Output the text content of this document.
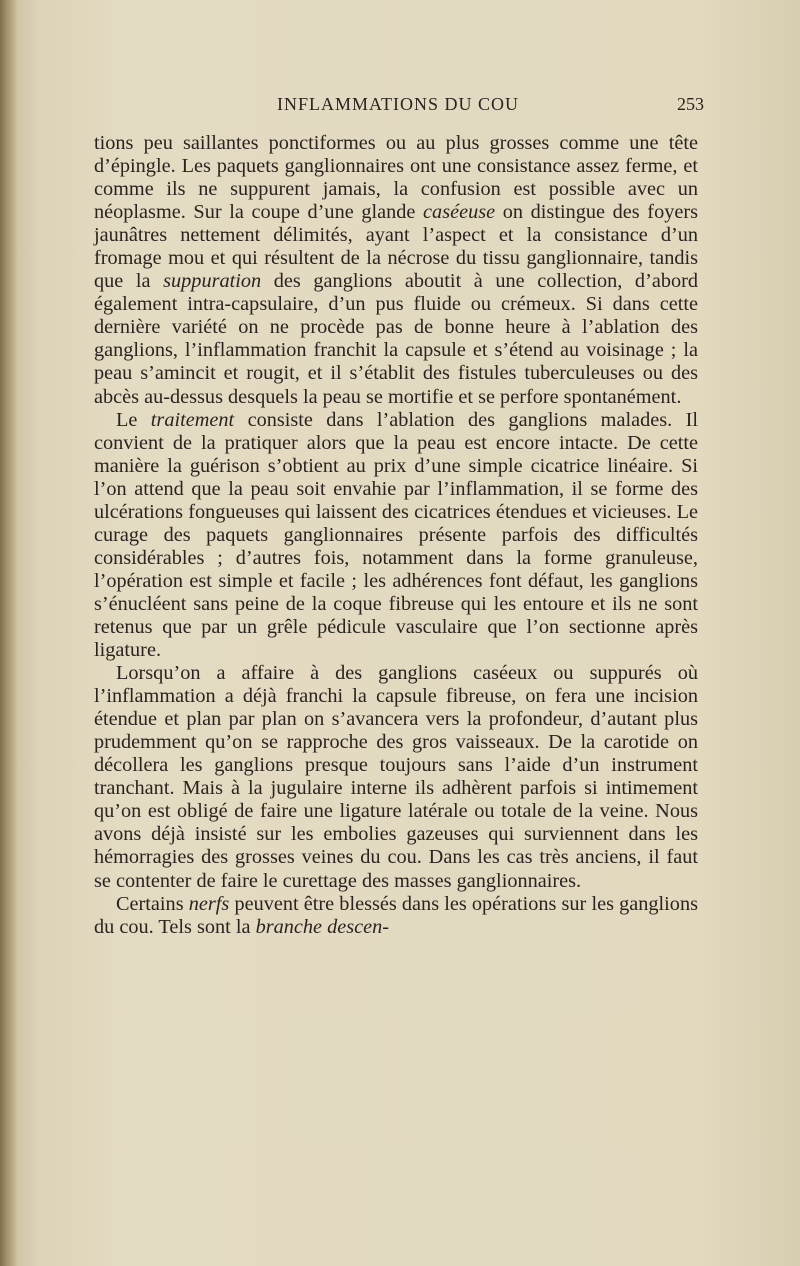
INFLAMMATIONS DU COU	253

tions peu saillantes ponctiformes ou au plus grosses comme une tête d’épingle. Les paquets ganglionnaires ont une consistance assez ferme, et comme ils ne suppurent jamais, la confusion est possible avec un néoplasme. Sur la coupe d’une glande caséeuse on distingue des foyers jaunâtres nettement délimités, ayant l’aspect et la consistance d’un fromage mou et qui résultent de la nécrose du tissu ganglionnaire, tandis que la suppuration des ganglions aboutit à une collection, d’abord également intra-capsulaire, d’un pus fluide ou crémeux. Si dans cette dernière variété on ne procède pas de bonne heure à l’ablation des ganglions, l’inflammation franchit la capsule et s’étend au voisinage ; la peau s’amincit et rougit, et il s’établit des fistules tuberculeuses ou des abcès au-dessus desquels la peau se mortifie et se perfore spontanément.

Le traitement consiste dans l’ablation des ganglions malades. Il convient de la pratiquer alors que la peau est encore intacte. De cette manière la guérison s’obtient au prix d’une simple cicatrice linéaire. Si l’on attend que la peau soit envahie par l’inflammation, il se forme des ulcérations fongueuses qui laissent des cicatrices étendues et vicieuses. Le curage des paquets ganglionnaires présente parfois des difficultés considérables ; d’autres fois, notamment dans la forme granuleuse, l’opération est simple et facile ; les adhérences font défaut, les ganglions s’énucléent sans peine de la coque fibreuse qui les entoure et ils ne sont retenus que par un grêle pédicule vasculaire que l’on sectionne après ligature.

Lorsqu’on a affaire à des ganglions caséeux ou suppurés où l’inflammation a déjà franchi la capsule fibreuse, on fera une incision étendue et plan par plan on s’avancera vers la profondeur, d’autant plus prudemment qu’on se rapproche des gros vaisseaux. De la carotide on décollera les ganglions presque toujours sans l’aide d’un instrument tranchant. Mais à la jugulaire interne ils adhèrent parfois si intimement qu’on est obligé de faire une ligature latérale ou totale de la veine. Nous avons déjà insisté sur les embolies gazeuses qui surviennent dans les hémorragies des grosses veines du cou. Dans les cas très anciens, il faut se contenter de faire le curettage des masses ganglionnaires.

Certains nerfs peuvent être blessés dans les opérations sur les ganglions du cou. Tels sont la branche descen-
